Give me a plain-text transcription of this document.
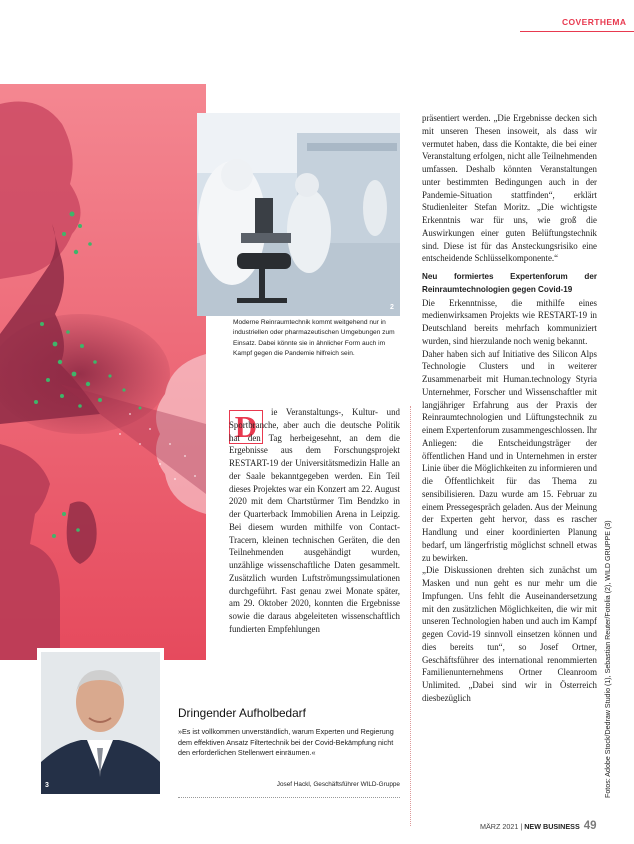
COVERTHEMA
2
Moderne Reinraumtechnik kommt weitgehend nur in industriellen oder pharmazeutischen Umgebungen zum Einsatz. Dabei könnte sie in ähnlicher Form auch im Kampf gegen die Pandemie hilfreich sein.
3
D	ie Veranstaltungs-, Kultur- und Sportbranche, aber auch die deutsche Politik hat den Tag herbeigesehnt, an dem die Ergebnisse aus dem Forschungsprojekt RESTART-19 der Universitätsmedizin Halle an der Saale bekanntgegeben werden. Ein Teil dieses Projektes war ein Konzert am 22. August 2020 mit dem Chartstürmer Tim Bendzko in der Quarterback Immobilien Arena in Leipzig. Bei diesem wurden mithilfe von Contact-Tracern, kleinen technischen Geräten, die den Teilnehmenden ausgehändigt wurden, unzählige wissenschaftliche Daten gesammelt. Zusätzlich wurden Luftströmungssimulationen durchgeführt. Fast genau zwei Monate später, am 29. Oktober 2020, konnten die Ergebnisse sowie die daraus abgeleiteten wissenschaftlich fundierten Empfehlungen

präsentiert werden. „Die Ergebnisse decken sich mit unseren Thesen insoweit, als dass wir vermutet haben, dass die Kontakte, die bei einer Veranstaltung erfolgen, nicht alle Teilnehmenden umfassen. Deshalb könnten Veranstaltungen unter bestimmten Bedingungen auch in der Pandemie-Situation stattfinden“, erklärt Studienleiter Stefan Moritz. „Die wichtigste Erkenntnis war für uns, wie groß die Auswirkungen einer guten Belüftungstechnik sind. Diese ist für das Ansteckungsrisiko eine entscheidende Schlüsselkomponente.“

Neu formiertes Expertenforum der Reinraumtechnologien gegen Covid-19

Die Erkenntnisse, die mithilfe eines medienwirksamen Projekts wie RESTART-19 in Deutschland bereits mehrfach kommuniziert wurden, sind hierzulande noch wenig bekannt.

Daher haben sich auf Initiative des Silicon Alps Technologie Clusters und in weiterer Zusammenarbeit mit Human.technology Styria Unternehmer, Forscher und Wissenschaftler mit langjähriger Erfahrung aus der Praxis der Reinraumtechnologien und Lüftungstechnik zu einem Expertenforum zusammengeschlossen. Ihr Anliegen: die Entscheidungsträger der öffentlichen Hand und in Unternehmen in erster Linie über die Möglichkeiten zu informieren und die Öffentlichkeit für das Thema zu sensibilisieren. Dazu wurde am 15. Februar zu einem Pressegespräch geladen. Aus der Meinung der Experten geht hervor, dass es rascher Handlung und einer koordinierten Planung bedarf, um längerfristig möglichst schnell etwas zu bewirken.

„Die Diskussionen drehten sich zunächst um Masken und nun geht es nur mehr um die Impfungen. Uns fehlt die Auseinandersetzung mit den zusätzlichen Möglichkeiten, die wir mit unseren Technologien haben und auch im Kampf gegen Covid-19 sinnvoll einsetzen können und dies bereits tun“, so Josef Ortner, Geschäftsführer des international renommierten Familienunternehmens Ortner Cleanroom Unlimited. „Dabei sind wir in Österreich diesbezüglich

Dringender Aufholbedarf
»Es ist vollkommen unverständlich, warum Experten und Regierung dem effektiven Ansatz Filtertechnik bei der Covid-Bekämpfung nicht den erforderlichen Stellenwert einräumen.«
Josef Hackl, Geschäftsführer WILD-Gruppe	Fotos: Adobe Stock/Dedraw Studio (1), Sebastian Reuter/Fotolia (2), WILD GRUPPE (3)
MÄRZ 2021 | NEW BUSINESS 49
